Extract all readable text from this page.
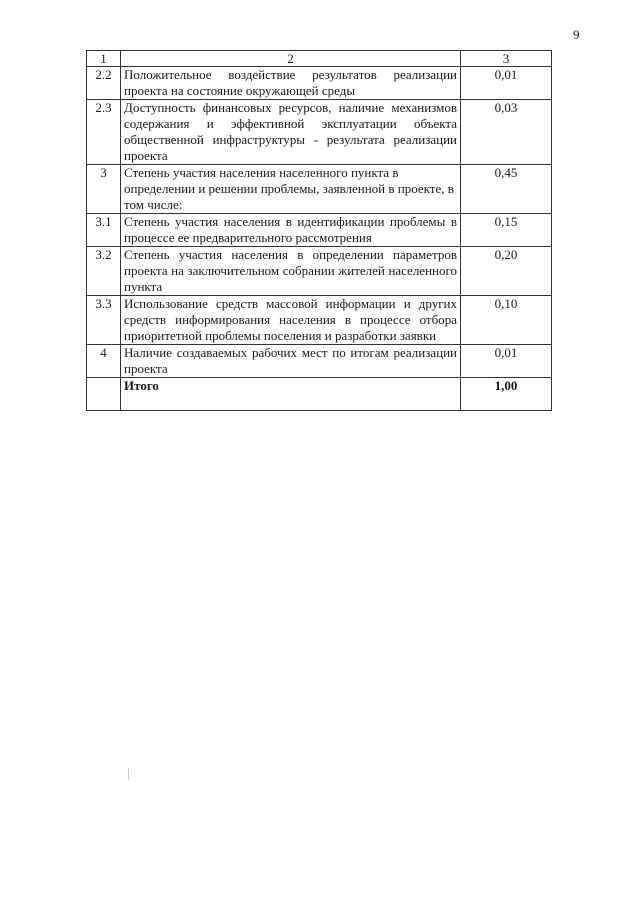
9
1	2	3
2.2	Положительное воздействие результатов реализации проекта на состояние окружающей среды	0,01
2.3	Доступность финансовых ресурсов, наличие механизмов содержания и эффективной эксплуатации объекта общественной инфраструктуры - результата реализации проекта	0,03
3	Степень участия населения населенного пункта в определении и решении проблемы, заявленной в проекте, в том числе:	0,45
3.1	Степень участия населения в идентификации проблемы в процессе ее предварительного рассмотрения	0,15
3.2	Степень участия населения в определении параметров проекта на заключительном собрании жителей населенного пункта	0,20
3.3	Использование средств массовой информации и других средств информирования населения в процессе отбора приоритетной проблемы поселения и разработки заявки	0,10
4	Наличие создаваемых рабочих мест по итогам реализации проекта	0,01
	Итого	1,00
